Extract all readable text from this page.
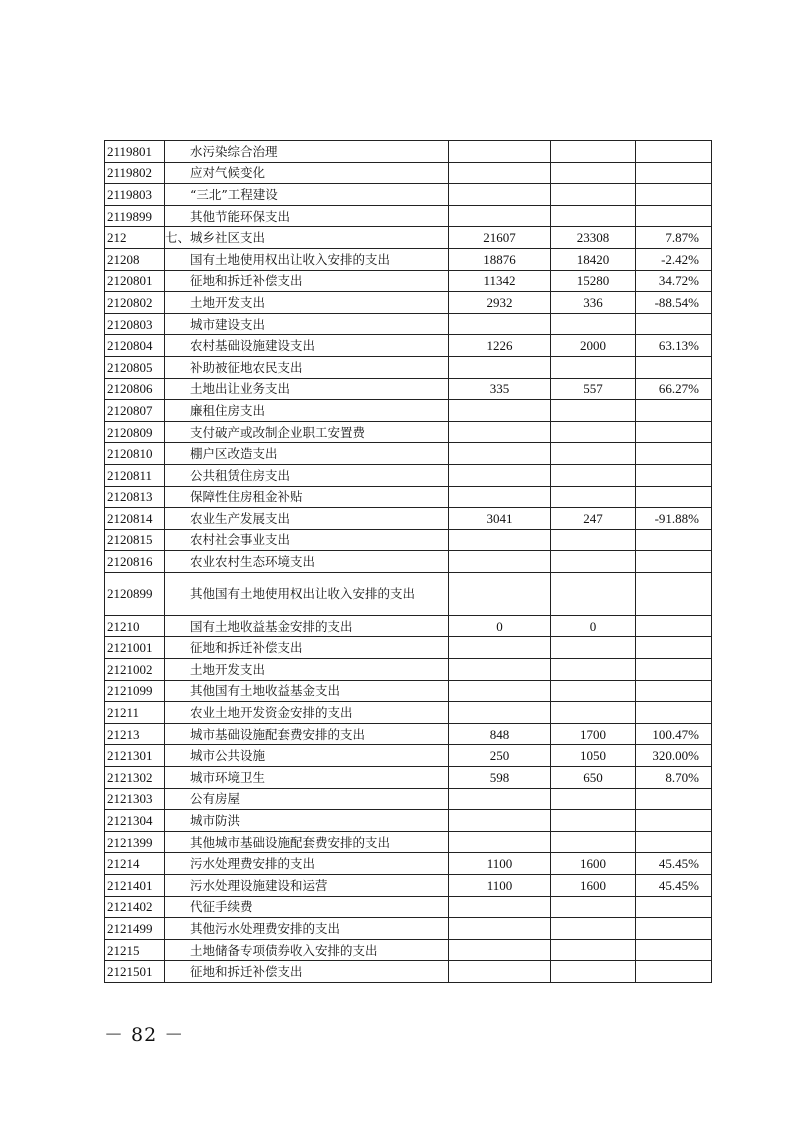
2119801	　　水污染综合治理			
2119802	　　应对气候变化			
2119803	　　“三北”工程建设			
2119899	　　其他节能环保支出			
212	七、城乡社区支出	21607	23308	7.87%
21208	　　国有土地使用权出让收入安排的支出	18876	18420	-2.42%
2120801	　　征地和拆迁补偿支出	11342	15280	34.72%
2120802	　　土地开发支出	2932	336	-88.54%
2120803	　　城市建设支出			
2120804	　　农村基础设施建设支出	1226	2000	63.13%
2120805	　　补助被征地农民支出			
2120806	　　土地出让业务支出	335	557	66.27%
2120807	　　廉租住房支出			
2120809	　　支付破产或改制企业职工安置费			
2120810	　　棚户区改造支出			
2120811	　　公共租赁住房支出			
2120813	　　保障性住房租金补贴			
2120814	　　农业生产发展支出	3041	247	-91.88%
2120815	　　农村社会事业支出			
2120816	　　农业农村生态环境支出			
2120899	　　其他国有土地使用权出让收入安排的支出			
21210	　　国有土地收益基金安排的支出	0	0	
2121001	　　征地和拆迁补偿支出			
2121002	　　土地开发支出			
2121099	　　其他国有土地收益基金支出			
21211	　　农业土地开发资金安排的支出			
21213	　　城市基础设施配套费安排的支出	848	1700	100.47%
2121301	　　城市公共设施	250	1050	320.00%
2121302	　　城市环境卫生	598	650	8.70%
2121303	　　公有房屋			
2121304	　　城市防洪			
2121399	　　其他城市基础设施配套费安排的支出			
21214	　　污水处理费安排的支出	1100	1600	45.45%
2121401	　　污水处理设施建设和运营	1100	1600	45.45%
2121402	　　代征手续费			
2121499	　　其他污水处理费安排的支出			
21215	　　土地储备专项债券收入安排的支出			
2121501	　　征地和拆迁补偿支出			
－ 82 －
